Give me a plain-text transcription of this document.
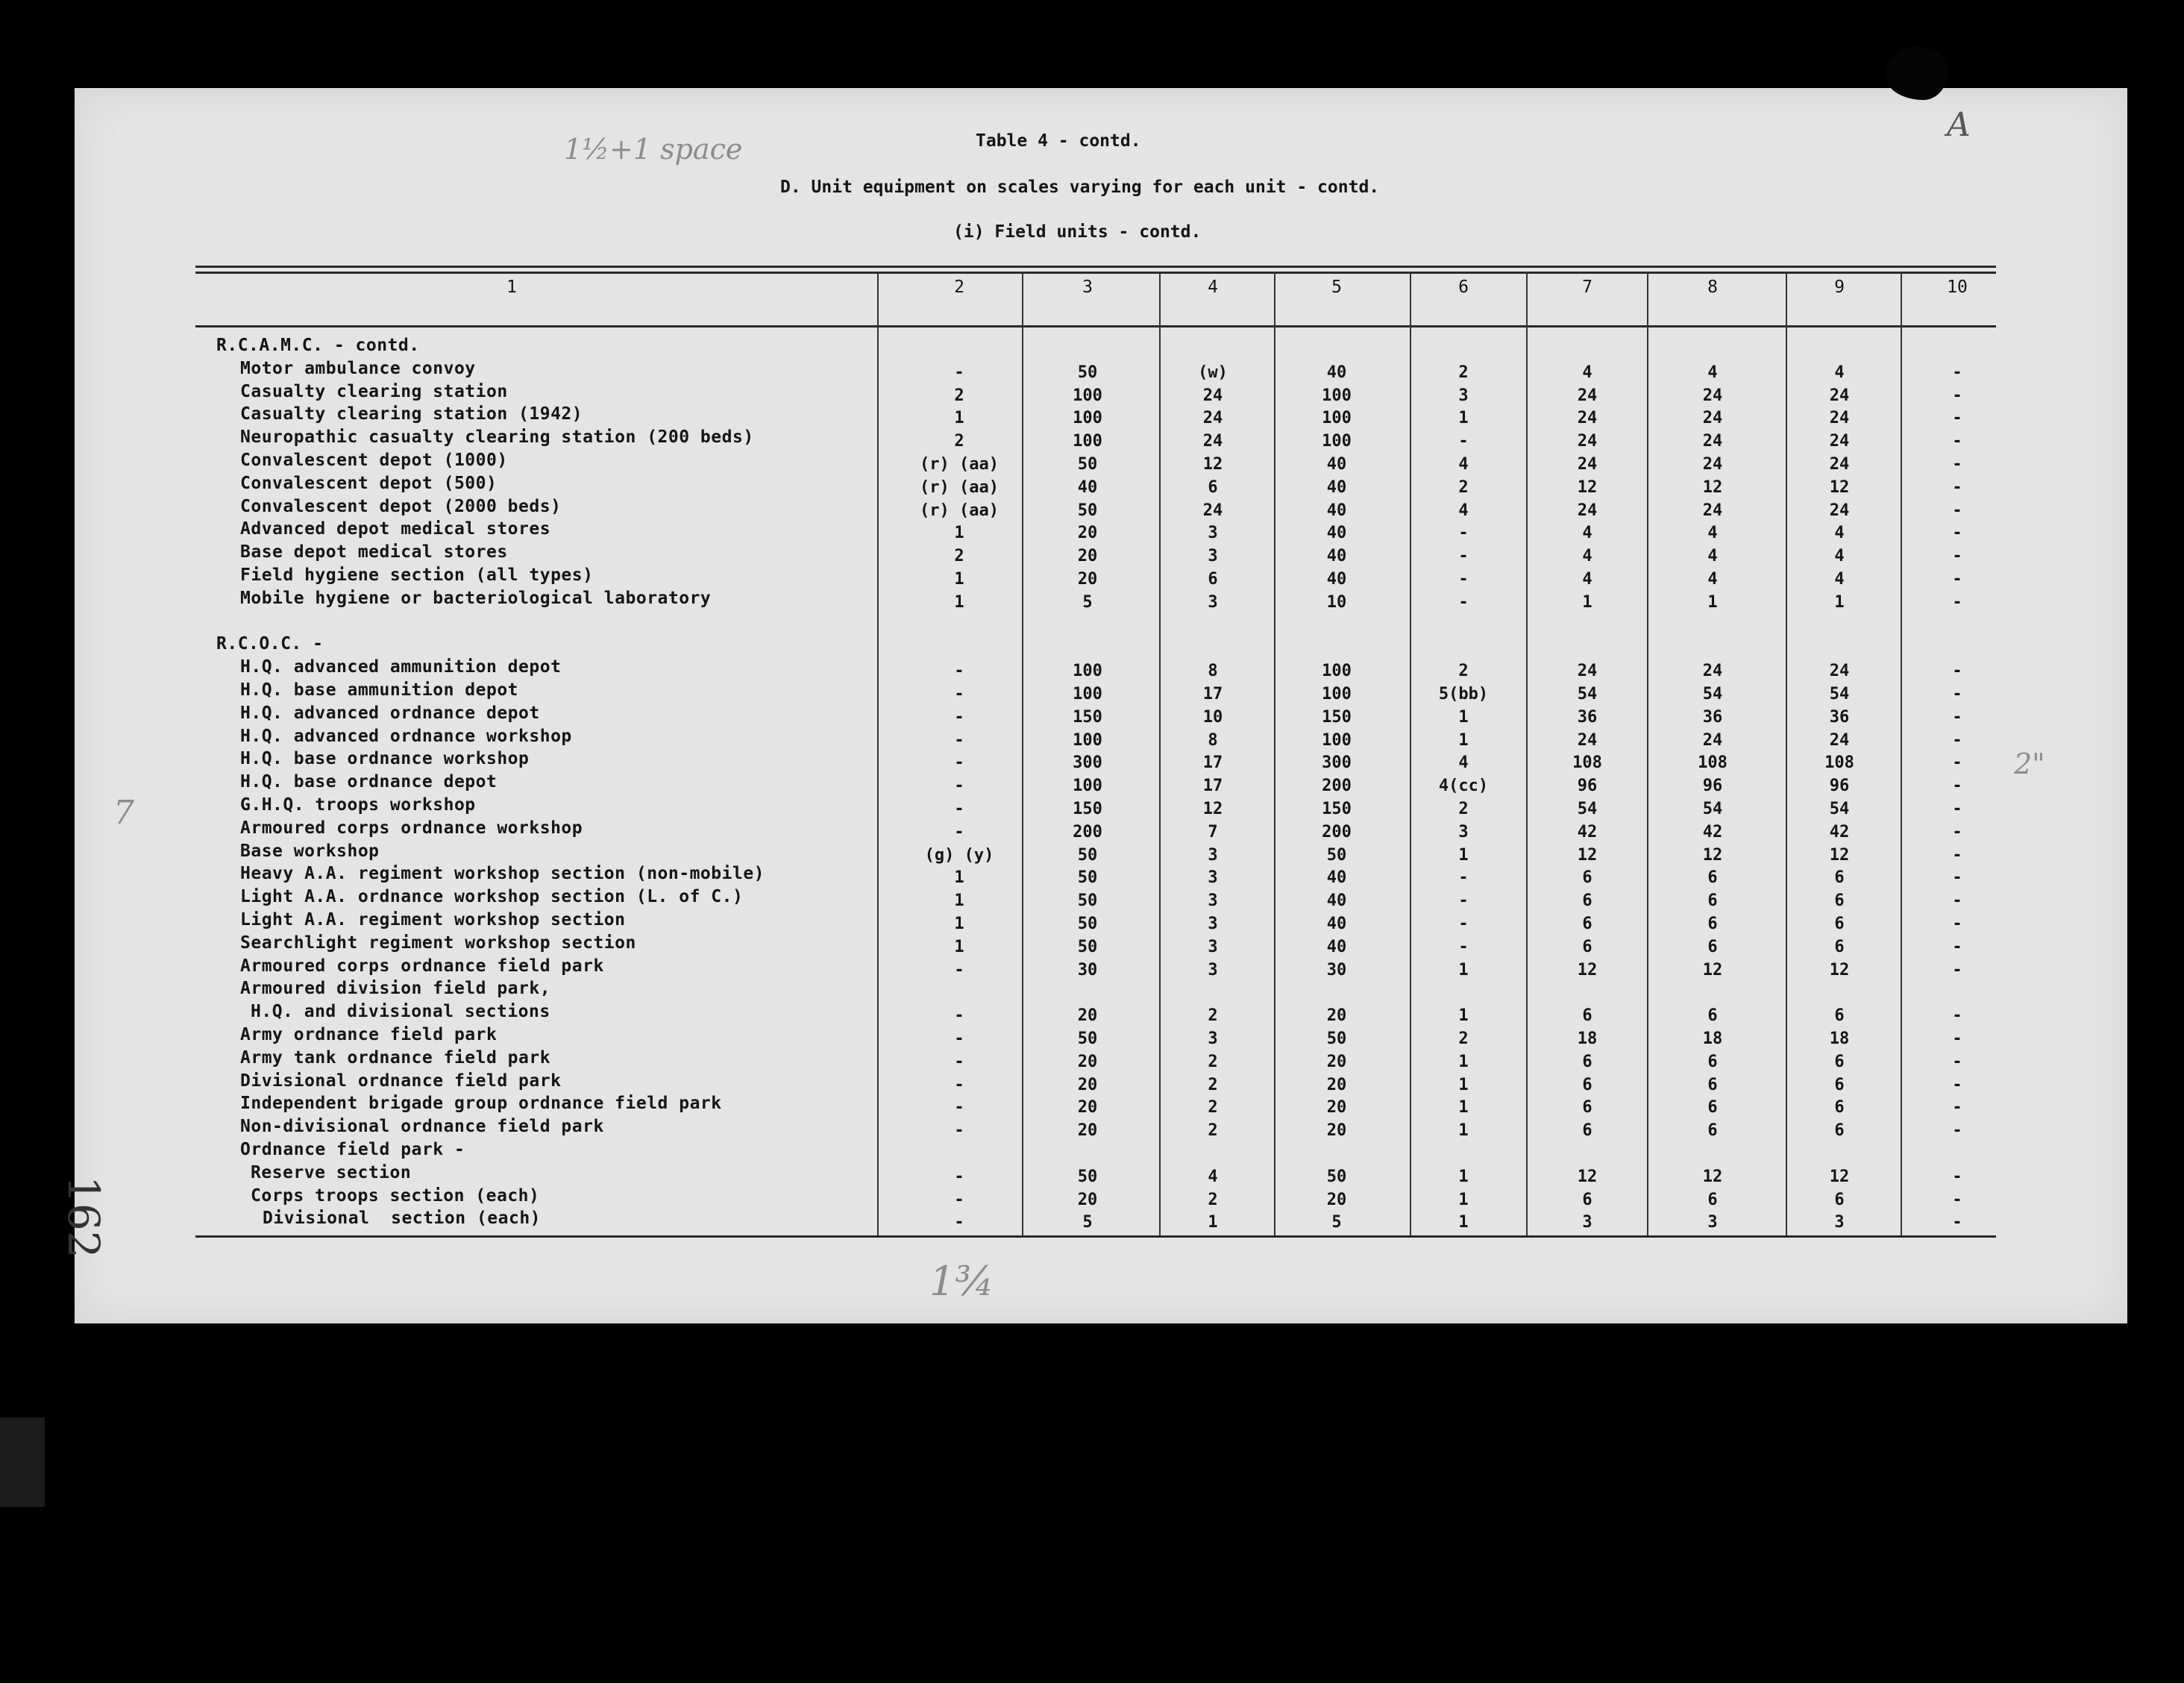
Table 4 - contd.
D. Unit equipment on scales varying for each unit - contd.
(i) Field units - contd.
1½+1 space
7
2"
162
1¾
A
1	2	3	4	5	6	7	8	9	10
R.C.A.M.C. - contd.
Motor ambulance convoy	-	50	(w)	40	2	4	4	4	-
Casualty clearing station	2	100	24	100	3	24	24	24	-
Casualty clearing station (1942)	1	100	24	100	1	24	24	24	-
Neuropathic casualty clearing station (200 beds)	2	100	24	100	-	24	24	24	-
Convalescent depot (1000)	(r) (aa)	50	12	40	4	24	24	24	-
Convalescent depot (500)	(r) (aa)	40	6	40	2	12	12	12	-
Convalescent depot (2000 beds)	(r) (aa)	50	24	40	4	24	24	24	-
Advanced depot medical stores	1	20	3	40	-	4	4	4	-
Base depot medical stores	2	20	3	40	-	4	4	4	-
Field hygiene section (all types)	1	20	6	40	-	4	4	4	-
Mobile hygiene or bacteriological laboratory	1	5	3	10	-	1	1	1	-
R.C.O.C. -
H.Q. advanced ammunition depot	-	100	8	100	2	24	24	24	-
H.Q. base ammunition depot	-	100	17	100	5(bb)	54	54	54	-
H.Q. advanced ordnance depot	-	150	10	150	1	36	36	36	-
H.Q. advanced ordnance workshop	-	100	8	100	1	24	24	24	-
H.Q. base ordnance workshop	-	300	17	300	4	108	108	108	-
H.Q. base ordnance depot	-	100	17	200	4(cc)	96	96	96	-
G.H.Q. troops workshop	-	150	12	150	2	54	54	54	-
Armoured corps ordnance workshop	-	200	7	200	3	42	42	42	-
Base workshop	(g) (y)	50	3	50	1	12	12	12	-
Heavy A.A. regiment workshop section (non-mobile)	1	50	3	40	-	6	6	6	-
Light A.A. ordnance workshop section (L. of C.)	1	50	3	40	-	6	6	6	-
Light A.A. regiment workshop section	1	50	3	40	-	6	6	6	-
Searchlight regiment workshop section	1	50	3	40	-	6	6	6	-
Armoured corps ordnance field park	-	30	3	30	1	12	12	12	-
Armoured division field park,
H.Q. and divisional sections	-	20	2	20	1	6	6	6	-
Army ordnance field park	-	50	3	50	2	18	18	18	-
Army tank ordnance field park	-	20	2	20	1	6	6	6	-
Divisional ordnance field park	-	20	2	20	1	6	6	6	-
Independent brigade group ordnance field park	-	20	2	20	1	6	6	6	-
Non-divisional ordnance field park	-	20	2	20	1	6	6	6	-
Ordnance field park -
Reserve section	-	50	4	50	1	12	12	12	-
Corps troops section (each)	-	20	2	20	1	6	6	6	-
Divisional  section (each)	-	5	1	5	1	3	3	3	-
